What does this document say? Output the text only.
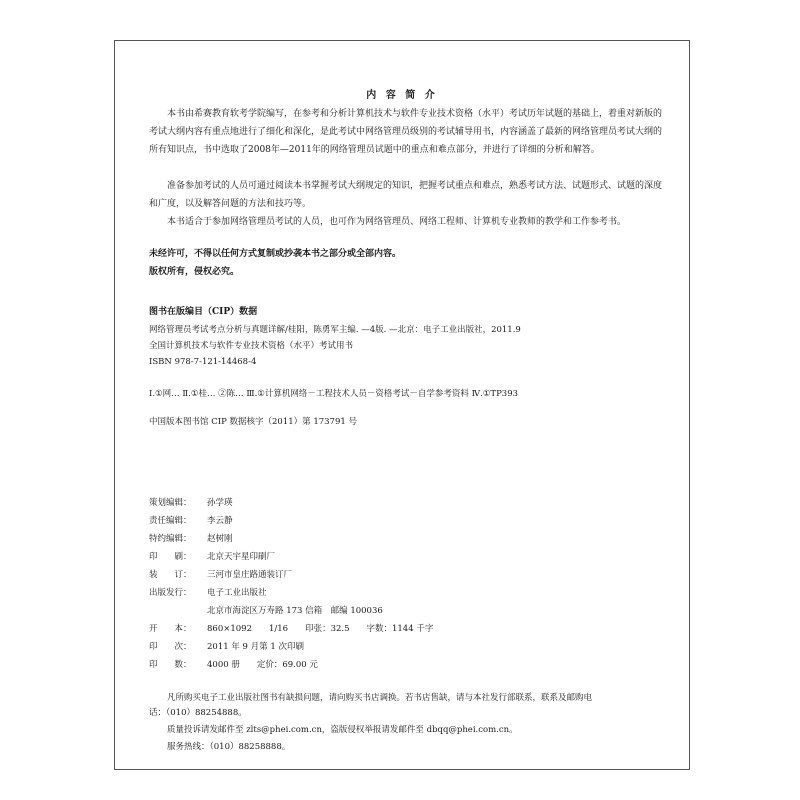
内 容 简 介

本书由希赛教育软考学院编写，在参考和分析计算机技术与软件专业技术资格（水平）考试历年试题的基础上，着重对新版的考试大纲内容有重点地进行了细化和深化，是此考试中网络管理员级别的考试辅导用书，内容涵盖了最新的网络管理员考试大纲的所有知识点，书中选取了2008年—2011年的网络管理员试题中的重点和难点部分，并进行了详细的分析和解答。

准备参加考试的人员可通过阅读本书掌握考试大纲规定的知识，把握考试重点和难点，熟悉考试方法、试题形式、试题的深度和广度，以及解答问题的方法和技巧等。

本书适合于参加网络管理员考试的人员，也可作为网络管理员、网络工程师、计算机专业教师的教学和工作参考书。

未经许可，不得以任何方式复制或抄袭本书之部分或全部内容。
版权所有，侵权必究。
图书在版编目（CIP）数据
网络管理员考试考点分析与真题详解/桂阳，陈勇军主编. —4版. —北京：电子工业出版社，2011.9
全国计算机技术与软件专业技术资格（水平）考试用书
ISBN 978-7-121-14468-4
Ⅰ.①网… Ⅱ.①桂… ②陈… Ⅲ.①计算机网络－工程技术人员－资格考试－自学参考资料 Ⅳ.①TP393
中国版本图书馆 CIP 数据核字（2011）第 173791 号
策划编辑： 孙学瑛
责任编辑： 李云静
特约编辑： 赵树刚
印　　刷： 北京天宇星印刷厂
装　　订： 三河市皇庄路通装订厂
出版发行： 电子工业出版社
北京市海淀区万寿路 173 信箱　邮编 100036
开　　本： 860×1092　　1/16　　印张：32.5　　字数：1144 千字
印　　次： 2011 年 9 月第 1 次印刷
印　　数： 4000 册　　定价：69.00 元
凡所购买电子工业出版社图书有缺损问题，请向购买书店调换。若书店售缺，请与本社发行部联系，联系及邮购电
话：（010）88254888。
质量投诉请发邮件至 zlts@phei.com.cn，盗版侵权举报请发邮件至 dbqq@phei.com.cn。
服务热线：（010）88258888。
